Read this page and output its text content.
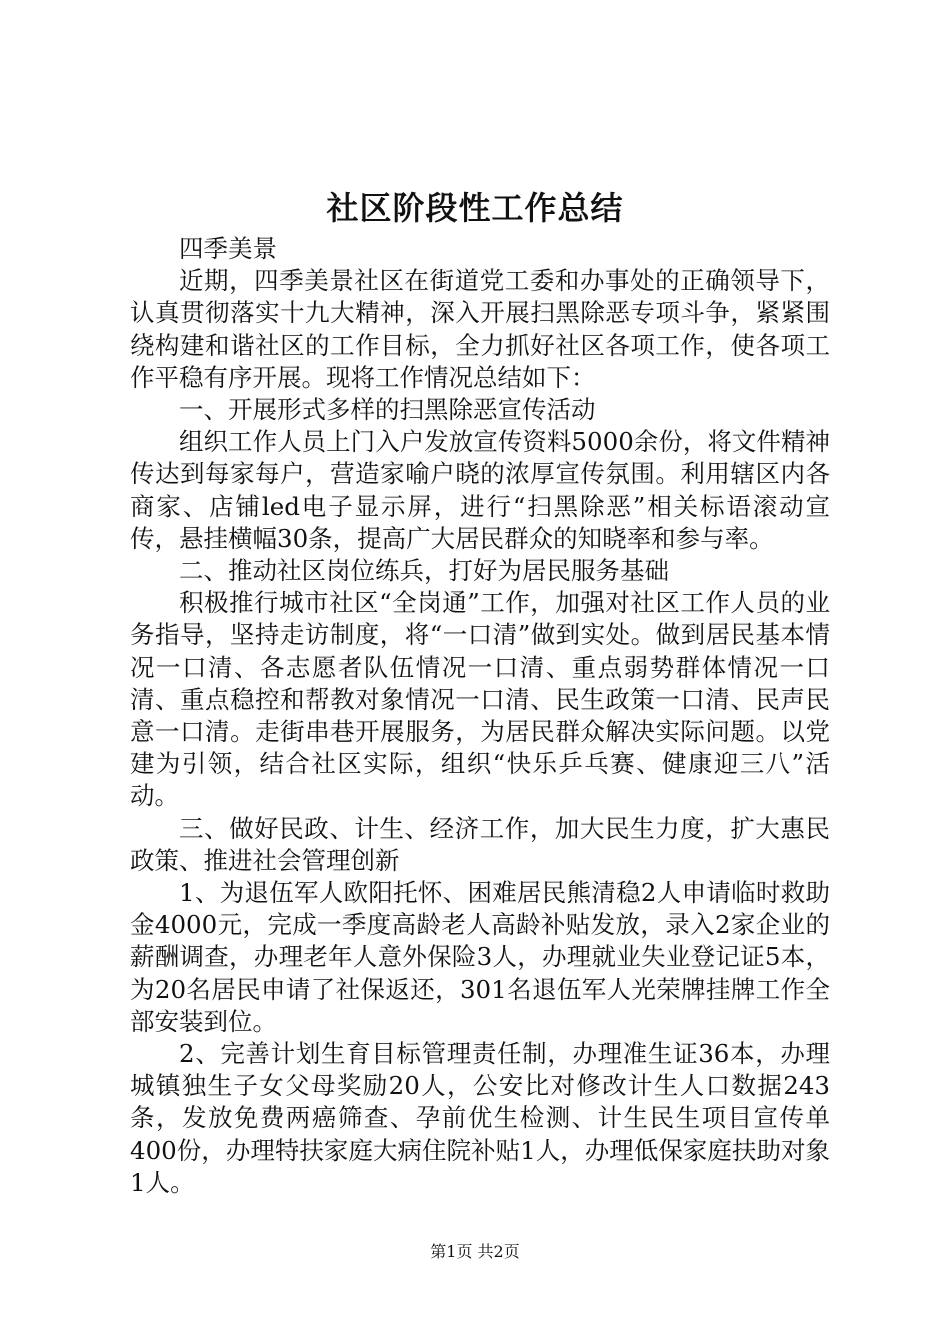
社区阶段性工作总结

四季美景

近期，四季美景社区在街道党工委和办事处的正确领导下，认真贯彻落实十九大精神，深入开展扫黑除恶专项斗争，紧紧围绕构建和谐社区的工作目标，全力抓好社区各项工作，使各项工作平稳有序开展。现将工作情况总结如下：

一、开展形式多样的扫黑除恶宣传活动

组织工作人员上门入户发放宣传资料5000余份，将文件精神传达到每家每户，营造家喻户晓的浓厚宣传氛围。利用辖区内各商家、店铺led电子显示屏，进行“扫黑除恶”相关标语滚动宣传，悬挂横幅30条，提高广大居民群众的知晓率和参与率。

二、推动社区岗位练兵，打好为居民服务基础

积极推行城市社区“全岗通”工作，加强对社区工作人员的业务指导，坚持走访制度，将“一口清”做到实处。做到居民基本情况一口清、各志愿者队伍情况一口清、重点弱势群体情况一口清、重点稳控和帮教对象情况一口清、民生政策一口清、民声民意一口清。走街串巷开展服务，为居民群众解决实际问题。以党建为引领，结合社区实际，组织“快乐乒乓赛、健康迎三八”活动。

三、做好民政、计生、经济工作，加大民生力度，扩大惠民政策、推进社会管理创新

1、为退伍军人欧阳托怀、困难居民熊清稳2人申请临时救助金4000元，完成一季度高龄老人高龄补贴发放，录入2家企业的薪酬调查，办理老年人意外保险3人，办理就业失业登记证5本，为20名居民申请了社保返还，301名退伍军人光荣牌挂牌工作全部安装到位。

2、完善计划生育目标管理责任制，办理准生证36本，办理城镇独生子女父母奖励20人，公安比对修改计生人口数据243条，发放免费两癌筛查、孕前优生检测、计生民生项目宣传单400份，办理特扶家庭大病住院补贴1人，办理低保家庭扶助对象1人。

第1页 共2页
